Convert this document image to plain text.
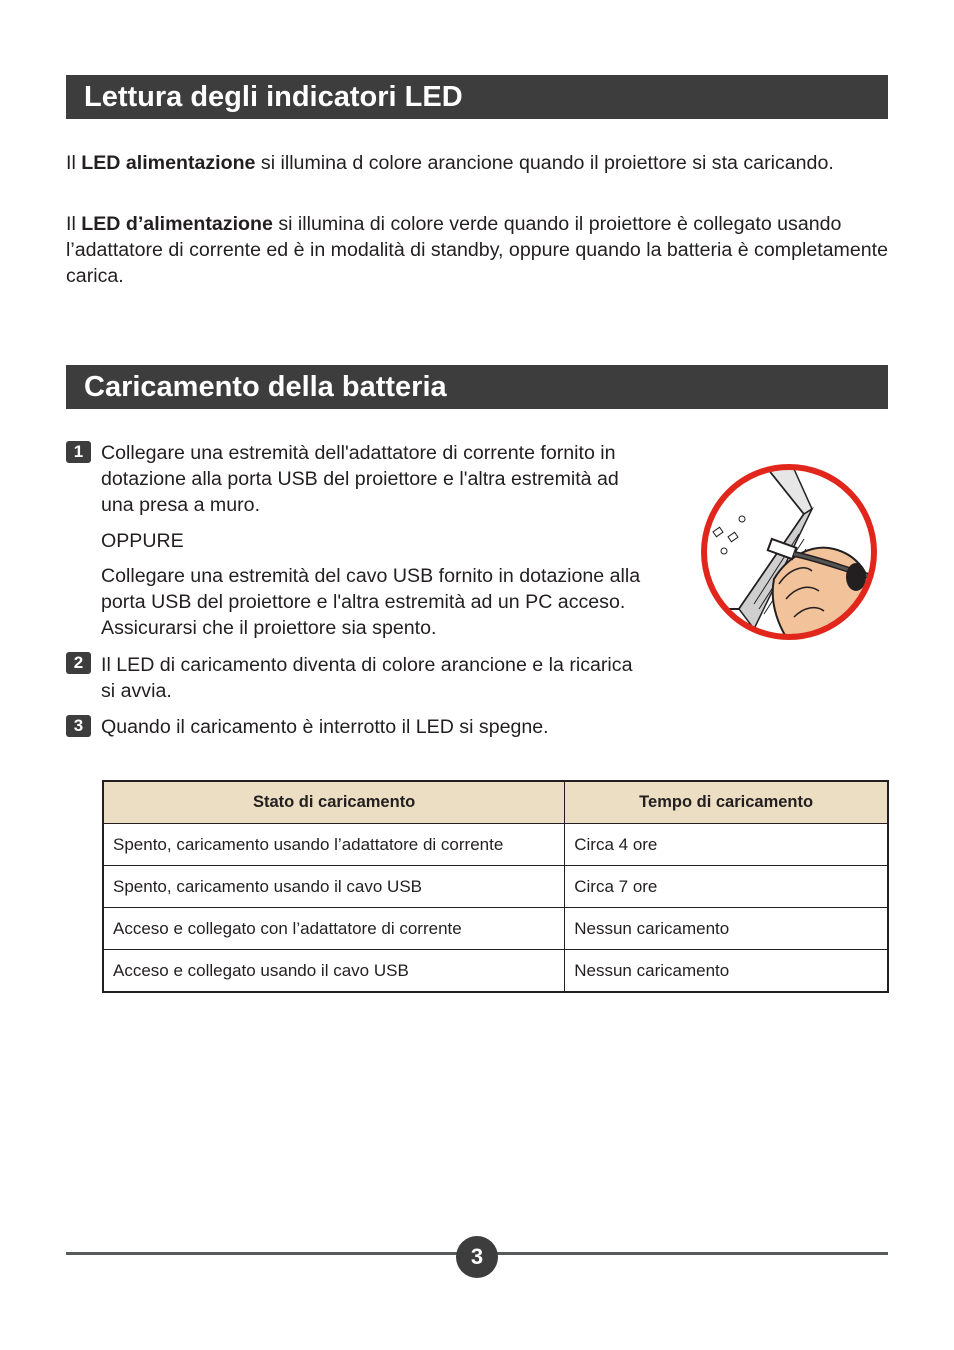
Lettura degli indicatori LED

Il LED alimentazione si illumina d colore arancione quando il proiettore si sta caricando.

Il LED d’alimentazione si illumina di colore verde quando il proiettore è collegato usando l’adattatore di corrente ed è in modalità di standby, oppure quando la batteria è completamente carica.

Caricamento della batteria
1 Collegare una estremità dell'adattatore di corrente fornito in dotazione alla porta USB del proiettore e l'altra estremità ad una presa a muro.

OPPURE

Collegare una estremità del cavo USB fornito in dotazione alla porta USB del proiettore e l'altra estremità ad un PC acceso. Assicurarsi che il proiettore sia spento.

2 Il LED di caricamento diventa di colore arancione e la ricarica si avvia.

3 Quando il caricamento è interrotto il LED si spegne.

Stato di caricamento	Tempo di caricamento
Spento, caricamento usando l’adattatore di corrente	Circa 4 ore
Spento, caricamento usando il cavo USB	Circa 7 ore
Acceso e collegato con l’adattatore di corrente	Nessun caricamento
Acceso e collegato usando il cavo USB	Nessun caricamento
3
